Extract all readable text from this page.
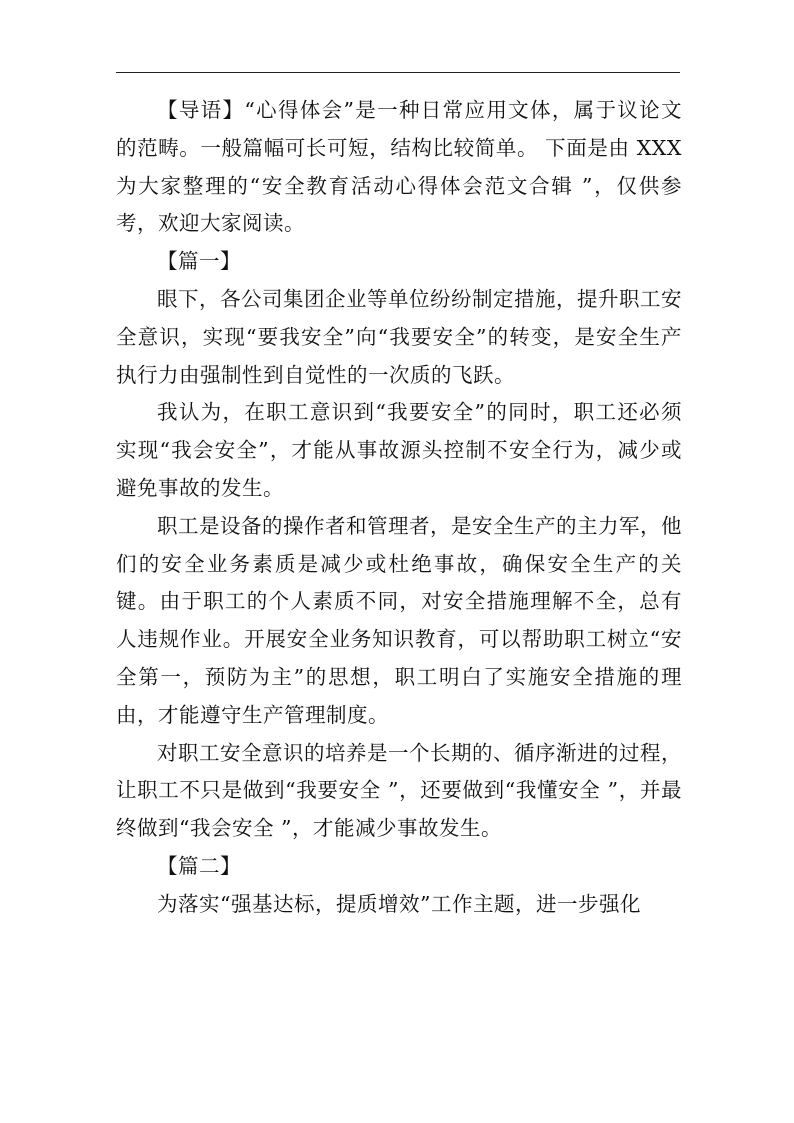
【导语】“心得体会”是一种日常应用文体，属于议论文的范畴。一般篇幅可长可短，结构比较简单。 下面是由 XXX为大家整理的“安全教育活动心得体会范文合辑 ”，仅供参考，欢迎大家阅读。

【篇一】

眼下，各公司集团企业等单位纷纷制定措施，提升职工安全意识，实现“要我安全”向“我要安全”的转变，是安全生产执行力由强制性到自觉性的一次质的飞跃。

我认为，在职工意识到“我要安全”的同时，职工还必须实现“我会安全”，才能从事故源头控制不安全行为，减少或避免事故的发生。

职工是设备的操作者和管理者，是安全生产的主力军，他们的安全业务素质是减少或杜绝事故，确保安全生产的关键。由于职工的个人素质不同，对安全措施理解不全，总有人违规作业。开展安全业务知识教育，可以帮助职工树立“安全第一，预防为主”的思想，职工明白了实施安全措施的理由，才能遵守生产管理制度。

对职工安全意识的培养是一个长期的、循序渐进的过程，让职工不只是做到“我要安全 ”，还要做到“我懂安全 ”，并最终做到“我会安全 ”，才能减少事故发生。

【篇二】

为落实“强基达标，提质增效”工作主题，进一步强化
